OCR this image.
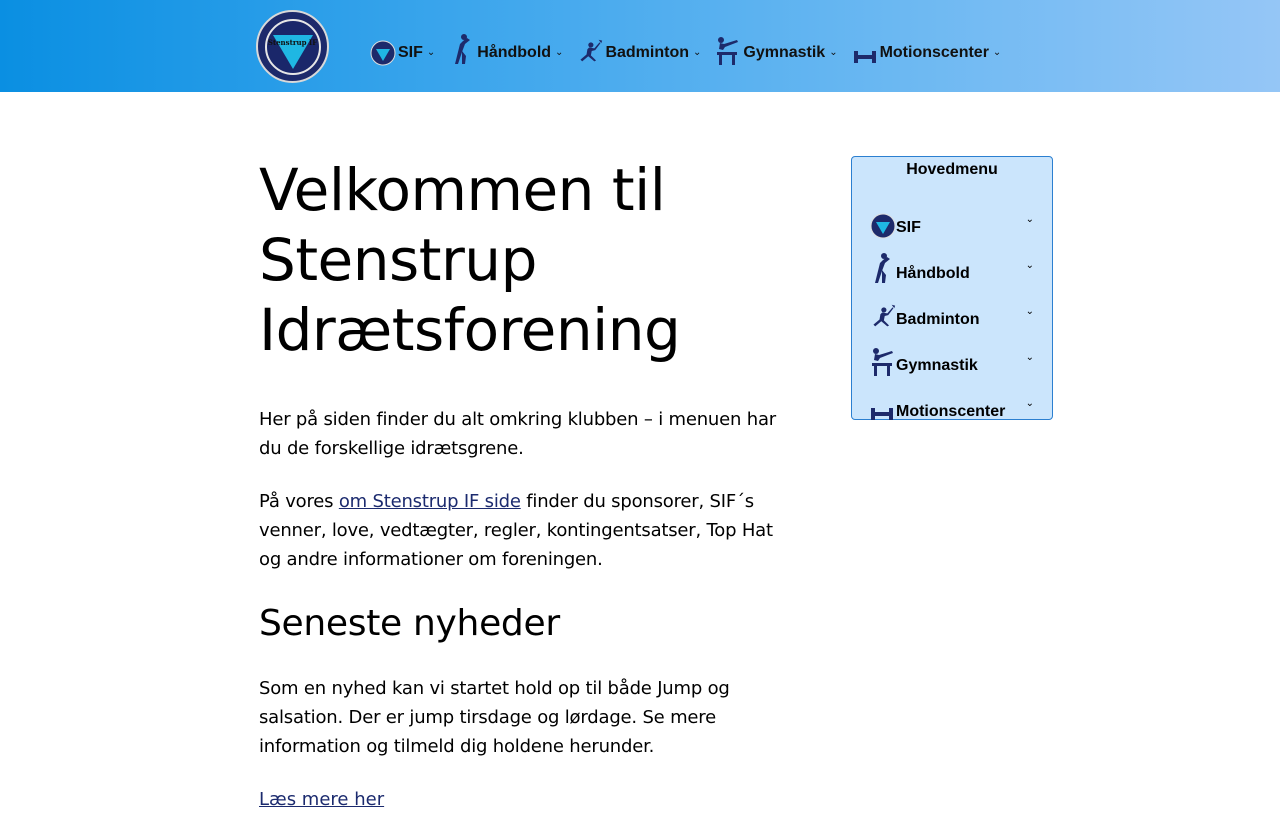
Stenstrup IF
SIF ⌄	Håndbold ⌄	Badminton ⌄	Gymnastik ⌄	Motionscenter ⌄
Velkommen til Stenstrup Idrætsforening

Her på siden finder du alt omkring klubben – i menuen har du de forskellige idrætsgrene.

På vores om Stenstrup IF side finder du sponsorer, SIF´s venner, love, vedtægter, regler, kontingentsatser, Top Hat og andre informationer om foreningen.

Seneste nyheder

Som en nyhed kan vi startet hold op til både Jump og salsation. Der er jump tirsdage og lørdage. Se mere information og tilmeld dig holdene herunder.

Læs mere her
Hovedmenu
SIF	⌄
Håndbold	⌄
Badminton	⌄
Gymnastik	⌄
Motionscenter ⌄
